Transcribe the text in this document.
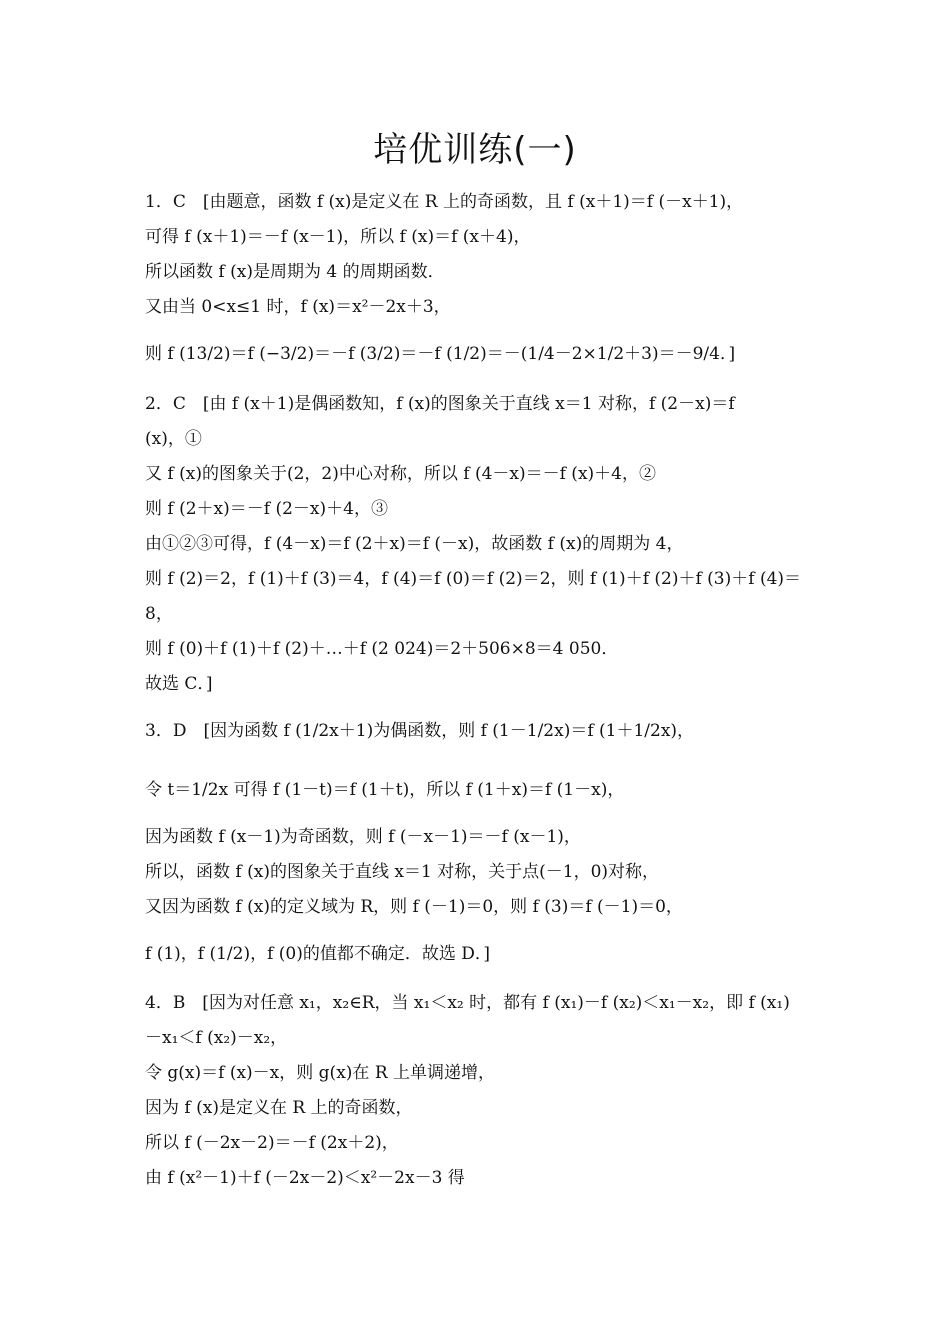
培优训练(一)
1．C　[由题意，函数 f (x)是定义在 R 上的奇函数，且 f (x＋1)＝f (－x＋1)，
可得 f (x＋1)＝－f (x－1)，所以 f (x)＝f (x＋4)，
所以函数 f (x)是周期为 4 的周期函数．
又由当 0<x≤1 时，f (x)＝x²－2x＋3，
则 f (13/2)＝f (−3/2)＝－f (3/2)＝－f (1/2)＝－(1/4－2×1/2＋3)＝－9/4．]
2．C　[由 f (x＋1)是偶函数知，f (x)的图象关于直线 x＝1 对称，f (2－x)＝f
(x)，①
又 f (x)的图象关于(2，2)中心对称，所以 f (4－x)＝－f (x)＋4，②
则 f (2＋x)＝－f (2－x)＋4，③
由①②③可得，f (4－x)＝f (2＋x)＝f (－x)，故函数 f (x)的周期为 4，
则 f (2)＝2，f (1)＋f (3)＝4，f (4)＝f (0)＝f (2)＝2，则 f (1)＋f (2)＋f (3)＋f (4)＝
8，
则 f (0)＋f (1)＋f (2)＋…＋f (2 024)＝2＋506×8＝4 050．
故选 C．]
3．D　[因为函数 f (1/2x＋1)为偶函数，则 f (1－1/2x)＝f (1＋1/2x)，
令 t＝1/2x 可得 f (1－t)＝f (1＋t)，所以 f (1＋x)＝f (1－x)，
因为函数 f (x－1)为奇函数，则 f (－x－1)＝－f (x－1)，
所以，函数 f (x)的图象关于直线 x＝1 对称，关于点(－1，0)对称，
又因为函数 f (x)的定义域为 R，则 f (－1)＝0，则 f (3)＝f (－1)＝0，
f (1)，f (1/2)，f (0)的值都不确定．故选 D．]
4．B　[因为对任意 x₁，x₂∈R，当 x₁＜x₂ 时，都有 f (x₁)－f (x₂)＜x₁－x₂，即 f (x₁)
－x₁＜f (x₂)－x₂，
令 g(x)＝f (x)－x，则 g(x)在 R 上单调递增，
因为 f (x)是定义在 R 上的奇函数，
所以 f (－2x－2)＝－f (2x＋2)，
由 f (x²－1)＋f (－2x－2)＜x²－2x－3 得
